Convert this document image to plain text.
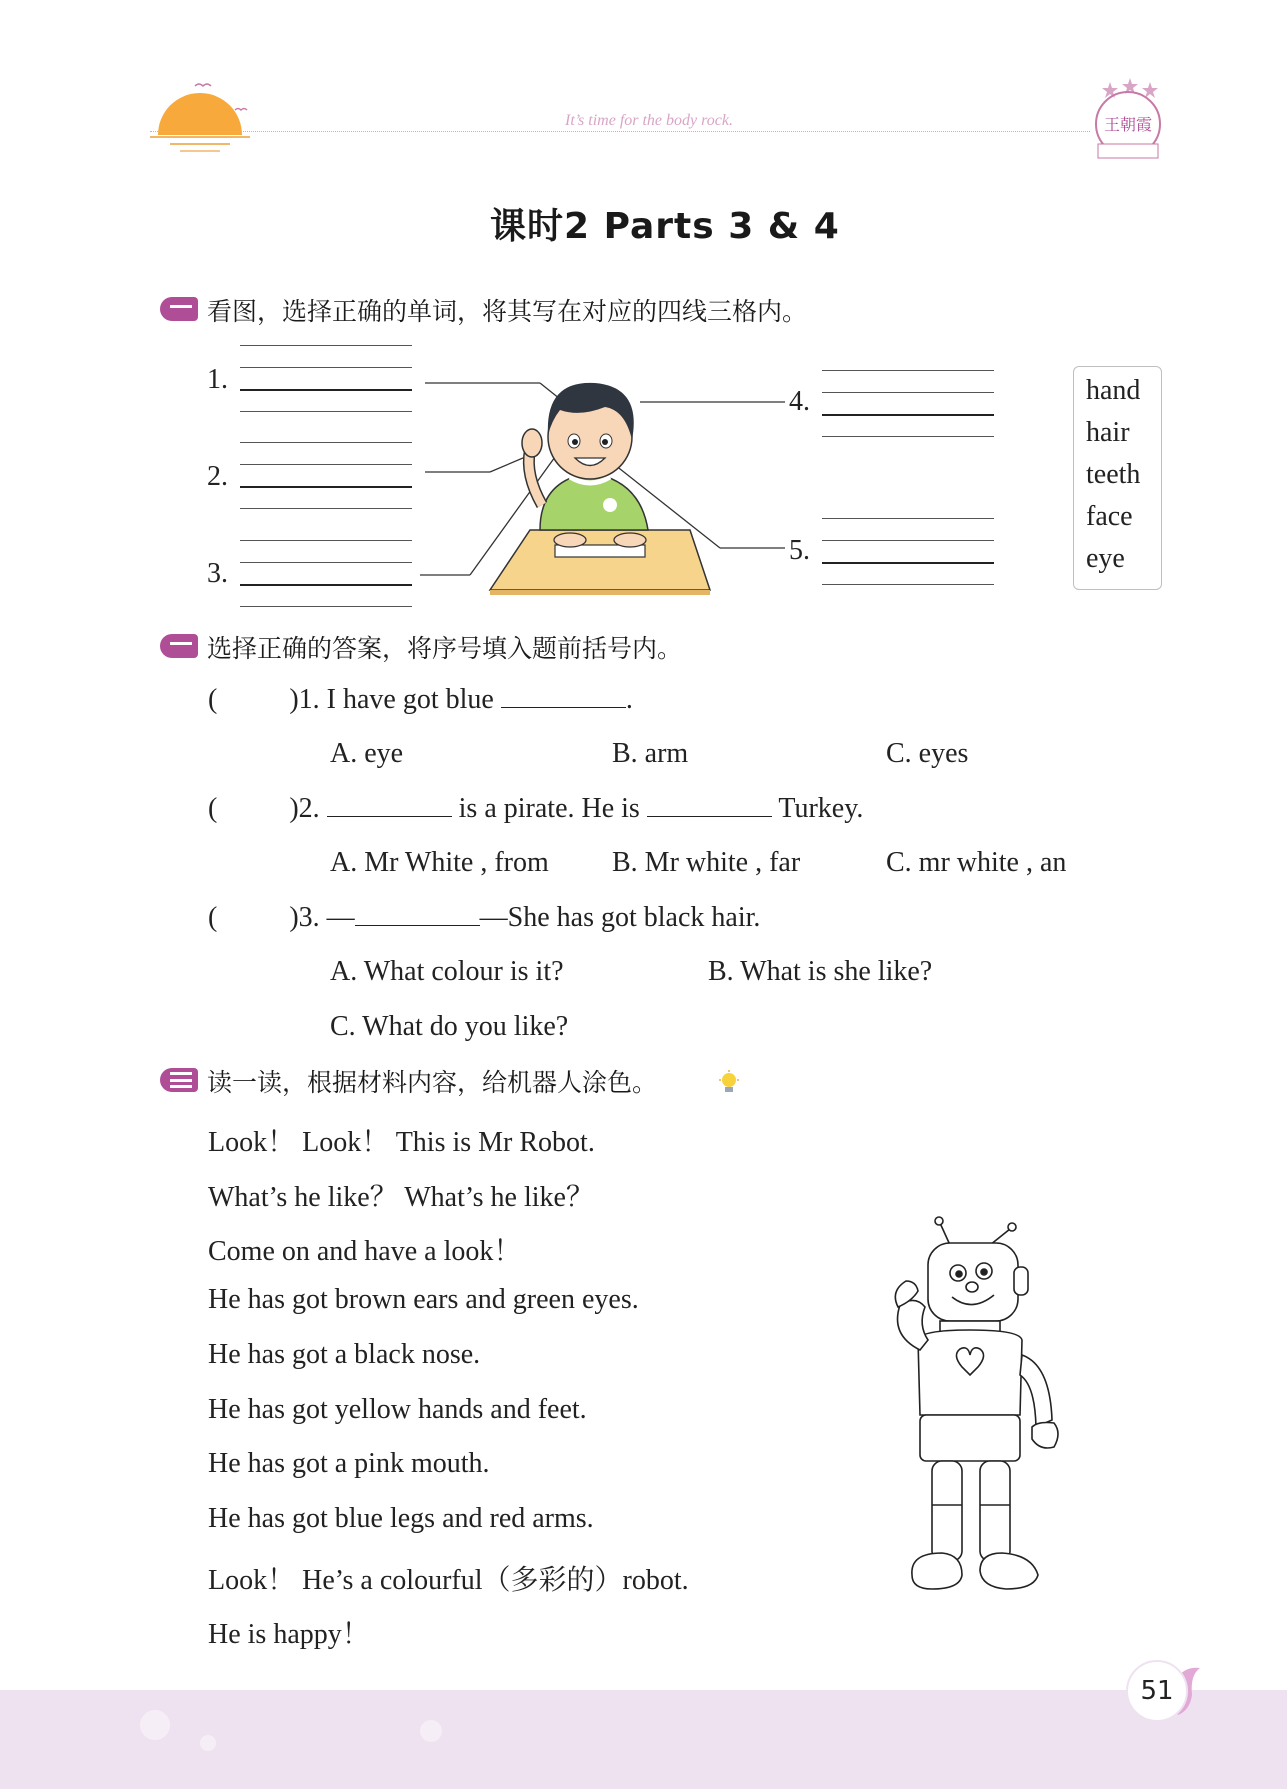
It’s time for the body rock.	王朝霞
课时2 Parts 3 & 4
看图，选择正确的单词，将其写在对应的四线三格内。
1.
2.
3.
4.
5.
hand
hair
teeth
face
eye
选择正确的答案，将序号填入题前括号内。
(	)1. I have got blue	.
A. eye	B. arm	C. eyes
(	)2.	is a pirate. He is	Turkey.
A. Mr White , from B. Mr white , far	C. mr white , an
(	)3. —	—She has got black hair.
A. What colour is it?	B. What is she like?
C. What do you like?
读一读，根据材料内容，给机器人涂色。
Look！ Look！ This is Mr Robot.
What’s he like？ What’s he like？
Come on and have a look！
He has got brown ears and green eyes.
He has got a black nose.
He has got yellow hands and feet.
He has got a pink mouth.
He has got blue legs and red arms.
Look！ He’s a colourful（多彩的）robot.
He is happy！
51
